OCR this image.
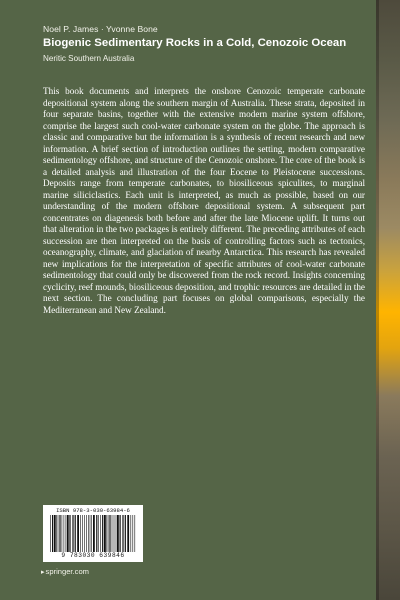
Noel P. James · Yvonne Bone

Biogenic Sedimentary Rocks in a Cold, Cenozoic Ocean

Neritic Southern Australia

This book documents and interprets the onshore Cenozoic temperate carbonate depositional system along the southern margin of Australia. These strata, deposited in four separate basins, together with the extensive modern marine system offshore, comprise the largest such cool-water carbonate system on the globe. The approach is classic and comparative but the information is a synthesis of recent research and new information. A brief section of introduction outlines the setting, modern comparative sedimentology offshore, and structure of the Cenozoic onshore. The core of the book is a detailed analysis and illustration of the four Eocene to Pleistocene successions. Deposits range from temperate carbonates, to biosiliceous spiculites, to marginal marine siliciclastics. Each unit is interpreted, as much as possible, based on our understanding of the modern offshore depositional system. A subsequent part concentrates on diagenesis both before and after the late Miocene uplift. It turns out that alteration in the two packages is entirely different. The preceding attributes of each succession are then interpreted on the basis of controlling factors such as tectonics, oceanography, climate, and glaciation of nearby Antarctica. This research has revealed new implications for the interpretation of specific attributes of cool-water carbonate sedimentology that could only be discovered from the rock record. Insights concerning cyclicity, reef mounds, biosiliceous deposition, and trophic resources are detailed in the next section. The concluding part focuses on global comparisons, especially the Mediterranean and New Zealand.

ISBN 978-3-030-63984-6

9 783030 639846

▸springer.com
